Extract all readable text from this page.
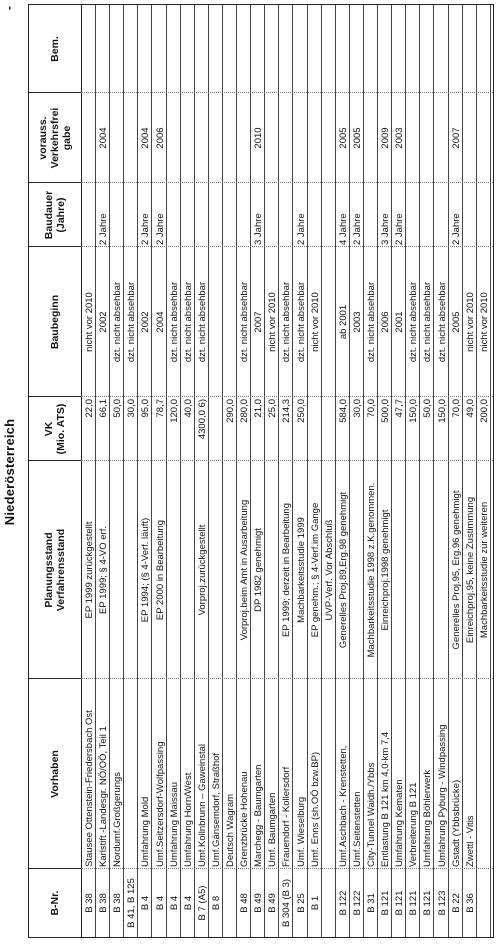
Niederösterreich
-
B-Nr.
Vorhaben
Planungsstand
Verfahrensstand
VK
(Mio. ATS)
Baubeginn
Baudauer
(Jahre)
vorauss.
Verkehrsfrei
gabe
Bem.
B 38
Stausee Ottenstein-Friedersbach Ost
EP 1999 zurückgestellt
22,0
nicht vor 2010
B 38
Karlstift -Landesgr. NÖ/OÖ, Teil 1
EP 1999; § 4-VO erf.
66,1
2002
2 Jahre
2004
B 38
Nordumf.Großgerungs
50,0
dzt. nicht absehbar
B 41, B 125
30,0
dzt. nicht absehbar
B 4
Umfahrung Mold
EP 1994; (§ 4-Verf. läuft)
95,0
2002
2 Jahre
2004
B 4
Umf.Seitzersdorf-Wolfpassing
EP 2000 in Bearbeitung
78,7
2004
2 Jahre
2006
B 4
Umfahrung Maissau
120,0
dzt. nicht absehbar
B 4
Umfahrung Horn/West
40,0
dzt. nicht absehbar
B 7 (A5)
Umf.Kollnbrunn – Gaweinstal
Vorproj.zurückgestellt
4300,0 6)
dzt. nicht absehbar
B 8
Umf.Gänsemdorf, Straßhof Deutsch Wagram
290,0
B 48
Grenzbrücke Hohenau
Vorproj.beim Amt in Ausarbeitung
280,0
dzt. nicht absehbar
B 49
Marchegg - Baumgarten
DP 1982 genehmigt
21,0
2007
3 Jahre
2010
B 49
Umf. Baumgarten
25,0
nicht vor 2010
B 304 (B 3)
Frauendorf - Kollersdorf
EP 1999; derzeit in Bearbeitung
214,3
dzt. nicht absehbar
B 25
Umf. Wieselburg
Machbarkeitsstudie 1999
250,0
dzt. nicht absehbar
2 Jahre
B 1
Umf. Enns (sh.OÖ bzw.BP)
EP genehm.; § 4-Verf.im Gange
nicht vor 2010
UVP-Verf. Vor Abschluß
B 122
Umf.Aschbach - Krenstetten,
Generelles Proj.89,Erg.98 genehmigt
584,0
ab 2001
4 Jahre
2005
B 122
Umf.Seitenstetten
30,0
2003
2 Jahre
2005
B 31
City-Tunnel Waidh./Ybbs
Machbarkeitsstudie 1998 z.K.genommen.
70,0
dzt. nicht absehbar
B 121
Entlastung B 121 km 4,0-km 7,4
Einreichproj.1998 genehmigt
500,0
2006
3 Jahre
2009
B 121
Umfahrung Kematen
47,7
2001
2 Jahre
2003
B 121
Verbreiterung B 121
150,0
dzt. nicht absehbar
B 121
Umfahrung Böhlerwerk
50,0
dzt. nicht absehbar
B 123
Umfahrung Pyburg - Windpassing
150,0
dzt. nicht absehbar
B 22
Gstadt (Ybbsbrücke)
Generelles Proj.95, Erg.96 genehmigt
70,0
2005
2 Jahre
2007
B 36
Zwettl - Vitis
Einreichproj.95, keine Zustimmung
49,0
nicht vor 2010
Machbarkeitsstudie zur weiteren
200,0
nicht vor 2010
